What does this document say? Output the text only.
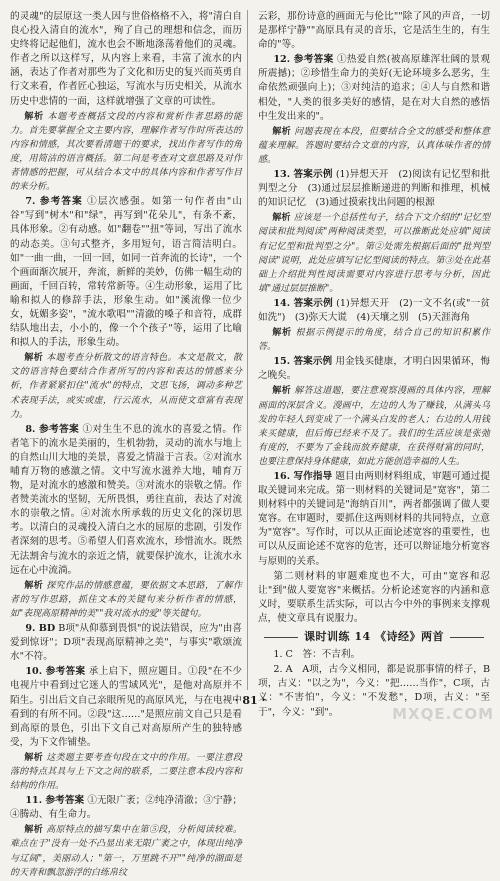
的灵魂"的层原这一类人因与世俗格格不入，将"清白自良心投入清自的流水"，殉了自己的理想和信念，而历史终将记起他们，流水也会不断地涤荡着他们的灵魂。作者之所以这样写，从内容上来看，丰富了流水的内涵，表达了作者对那些为了文化和历史的复兴而英勇自行文来看，作者匠心独运，写流水与历史相关，从流水历史中悲情的一面，这样就增强了文章的可读性。

解析 本题考查概括文段的内容和赏析作者思路的能力。首先要掌握全文主要内容，理解作者写作时所表达的内容和情感，其次要看清题干的要求，找出作者写作的角度，用简洁的语言概括。第二问是考查对文章思路及对作者情感的把握，可从结合本文中的具体内容和作者写作目的来分析。

7. 参考答案 ①层次感强。如第一句作者由"山谷"写到"树木"和"绿"，再写到"花朵儿"，有条不紊，具体形象。②有动感。如"翻卷""扭"等词，写出了流水的动态美。③句式整齐，多用短句，语言简洁明白。如"一曲一曲，一回一回，如同一首奔流的长诗"，一个个画面渐次展开，奔流，新鲜的美妙，仿佛一幅生动的画面，千回百转，常转常新等。④生动形象，运用了比喻和拟人的修辞手法，形象生动。如"溪流像一位少女，妩媚多姿"，"流水歌唱""清澈的嗓子和音符，成群结队地出去，小小的，像一个个孩子"等，运用了比喻和拟人的手法，形象生动。

解析 本题考查分析散文的语言特色。本文是散文，散文的语言特色要结合作者所写的内容和表达的情感来分析，作者紧紧扣住"流水"的特点，文思飞扬，调动多种艺术表现手法，或实或虚，行云流水，从而使文章富有表现力。

8. 参考答案 ①对生生不息的流水的喜爱之情。作者笔下的流水是美丽的，生机勃勃，灵动的流水与地上的自然山川大地的美景，喜爱之情溢于言表。②对流水哺育万物的感激之情。文中写流水滋养大地，哺育万物，是对流水的感激和赞美。③对流水的崇敬之情。作者赞美流水的坚韧，无所畏惧，勇往直前，表达了对流水的崇敬之情。④对流水所承载的历史文化的深切思考。以清白的灵魂投入清白之水的屈原的悲剧，引发作者深刻的思考。⑤希望人们喜欢流水，珍惜流水。既然无法割舍与流水的亲近之情，就要保护流水，让流水永远在心中流淌。

解析 探究作品的情感意蕴，要依据文本思路，了解作者的写作思路，抓住文本的关键句来分析作者的情感，如"表现高原精神的美""我对流水的爱"等关键句。

9. BD B项"从仰慕到畏惧"的说法错误，应为"由喜爱到惊讶"；D项"表现高原精神之美"，与事实"歌颂流水"不符。

10. 参考答案 承上启下，照应题目。①段"在不少电视片中看到过它迷人的雪域风光"，是他对高原并不陌生。引出后文自己亲眼所见的高原风光，与在电视中看到的有所不同。②段"这……"是照应前文自己只是看到高原的景色，引出下文自己对高原所产生的独特感受，为下文作铺垫。

解析 这类题主要考查句段在文中的作用。一要注意段落的特点其具与上下文之间的联系，二要注意本段内容和结构的作用。

11. 参考答案 ①无限广袤；②纯净清澈；③宁静；④腾动、有生命力。

解析 高原特点的描写集中在第⑤段，分析阅读较难。难点在于"没有一处不凸显出来无限广袤之中，体现出纯净与辽阔"，美丽动人；"第一，万里跳不开""纯净的湖面是的天青和飘忽游浮的白练帛纹

云彩，那份诗意的画面无与伦比""除了风的声音，一切是那样宁静""高原具有灵的音乐，它是活生生的，有生命的"等。

12. 参考答案 ①热爱自然(被高原雄浑壮阔的景观所震撼)；②珍惜生命力的美好(无论环境多么恶劣，生命依然顽强向上)；③对纯洁的追求；④人与自然和谐相处，"人类的很多美好的感情，是在对大自然的感悟中生发出来的"。

解析 问题表现在本段，但要结合全文的感受和整体意蕴来理解。答题时要结合文章的内容，认真体味作者的情感。

13. 答案示例 (1)异想天开　(2)阅读有记忆型和批判型之分　(3)通过层层推断递进的判断和推理，机械的知识记忆　(3)通过摸索找出问题的根源

解析 应该是一个总括性句子，结合下文介绍的"记忆型阅读和批判阅读"两种阅读类型，可以推断此处应填"阅读有记忆型和批判型之分"。第②处需先根据后面的"批判型阅读"说明，此处应填写记忆型阅读的特点。第③处在此基础上介绍批判性阅读需要对内容进行思考与分析，因此填"通过层层推断"。

14. 答案示例 (1)异想天开　(2)一文不名(或"一贫如洗")　(3)弥天大谎　(4)天壤之别　(5)天涯海角

解析 根据示例提示的角度，结合自己的知识积累作答。

15. 答案示例 用金钱买健康，才明白因果循环，悔之晚矣。

解析 解答这道题，要注意观察漫画的具体内容，理解画面的深层含义。漫画中，左边的人为了赚钱，从满头乌发的年轻人到变成了一个满头白发的老人；右边的人用钱来买健康，但后悔已经来不及了。我们的生活应该是张弛有度的，不要为了金钱而放弃健康，在获得财富的同时，也要注意保持身体健康，如此方能创造幸福的人生。

16. 写作指导 题目由两则材料组成，审题可通过提取关键词来完成。第一则材料的关键词是"宽容"，第二则材料中的关键词是"海纳百川"，两者都强调了做人要宽容。在审题时，要抓住这两则材料的共同特点，立意为"宽容"。写作时，可以从正面论述宽容的重要性，也可以从反面论述不宽容的危害，还可以辩证地分析宽容与原则的关系。

第二则材料的审题难度也不大，可由"宽容和忍让"到"做人要宽容"来概括。分析论述宽容的内涵和意义时，要联系生活实际，可以古今中外的事例来支撑观点，使文章具有说服力。

课时训练 14 《诗经》两首

1. C　答：不吉利。

2. A　A项，古今义相同，都是说那事情的样子，B项，古义："以之为"，今义："把……当作"，C项，古义："不害怕"，今义："不发愁"，D项，古义："至于"，今义："到"。

· 81 ·
MXQE.COM
